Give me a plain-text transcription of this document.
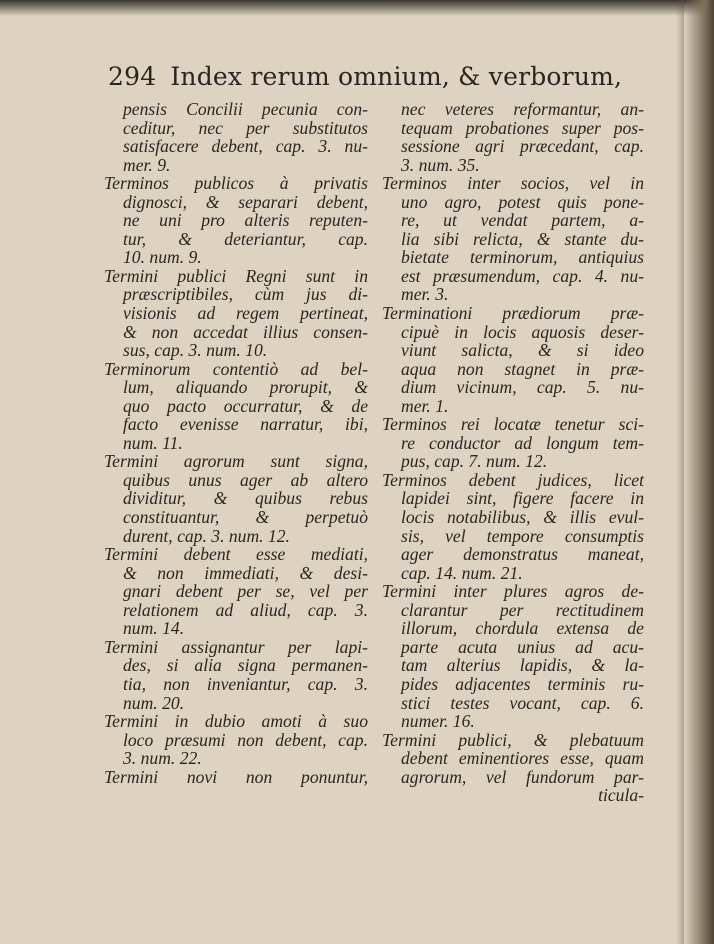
294 Index rerum omnium, & verborum,
pensis Concilii pecunia con-
ceditur, nec per substitutos
satisfacere debent, cap. 3. nu-
mer. 9.
Terminos publicos à privatis
dignosci, & separari debent,
ne uni pro alteris reputen-
tur, & deteriantur, cap.
10. num. 9.
Termini publici Regni sunt in
præscriptibiles, cùm jus di-
visionis ad regem pertineat,
& non accedat illius consen-
sus, cap. 3. num. 10.
Terminorum contentiò ad bel-
lum, aliquando prorupit, &
quo pacto occurratur, & de
facto evenisse narratur, ibi,
num. 11.
Termini agrorum sunt signa,
quibus unus ager ab altero
dividitur, & quibus rebus
constituantur, & perpetuò
durent, cap. 3. num. 12.
Termini debent esse mediati,
& non immediati, & desi-
gnari debent per se, vel per
relationem ad aliud, cap. 3.
num. 14.
Termini assignantur per lapi-
des, si alia signa permanen-
tia, non inveniantur, cap. 3.
num. 20.
Termini in dubio amoti à suo
loco præsumi non debent, cap.
3. num. 22.
Termini novi non ponuntur,
nec veteres reformantur, an-
tequam probationes super pos-
sessione agri præcedant, cap.
3. num. 35.
Terminos inter socios, vel in
uno agro, potest quis pone-
re, ut vendat partem, a-
lia sibi relicta, & stante du-
bietate terminorum, antiquius
est præsumendum, cap. 4. nu-
mer. 3.
Terminationi prædiorum præ-
cipuè in locis aquosis deser-
viunt salicta, & si ideo
aqua non stagnet in præ-
dium vicinum, cap. 5. nu-
mer. 1.
Terminos rei locatæ tenetur sci-
re conductor ad longum tem-
pus, cap. 7. num. 12.
Terminos debent judices, licet
lapidei sint, figere facere in
locis notabilibus, & illis evul-
sis, vel tempore consumptis
ager demonstratus maneat,
cap. 14. num. 21.
Termini inter plures agros de-
clarantur per rectitudinem
illorum, chordula extensa de
parte acuta unius ad acu-
tam alterius lapidis, & la-
pides adjacentes terminis ru-
stici testes vocant, cap. 6.
numer. 16.
Termini publici, & plebatuum
debent eminentiores esse, quam
agrorum, vel fundorum par-
ticula-
